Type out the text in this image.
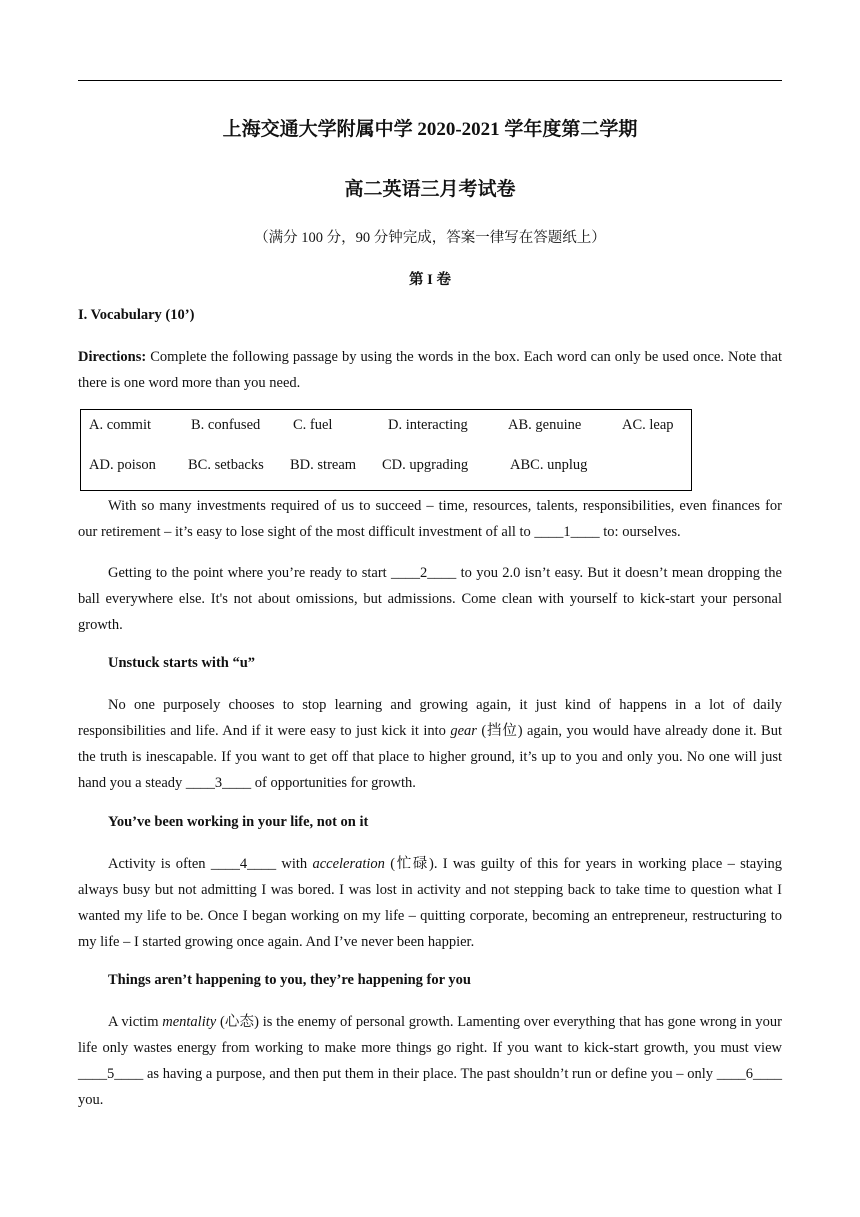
上海交通大学附属中学 2020-2021 学年度第二学期
高二英语三月考试卷
（满分 100 分，90 分钟完成，答案一律写在答题纸上）
第 I 卷
I. Vocabulary (10’)

Directions: Complete the following passage by using the words in the box. Each word can only be used once. Note that there is one word more than you need.

A. commit	B. confused C. fuel	D. interacting	AB. genuine	AC. leap
AD. poison BC. setbacks BD. stream CD. upgrading	ABC. unplug

With so many investments required of us to succeed – time, resources, talents, responsibilities, even finances for our retirement – it’s easy to lose sight of the most difficult investment of all to ____1____ to: ourselves.

Getting to the point where you’re ready to start ____2____ to you 2.0 isn’t easy. But it doesn’t mean dropping the ball everywhere else. It's not about omissions, but admissions. Come clean with yourself to kick-start your personal growth.

Unstuck starts with “u”

No one purposely chooses to stop learning and growing again, it just kind of happens in a lot of daily responsibilities and life. And if it were easy to just kick it into gear (挡位) again, you would have already done it. But the truth is inescapable. If you want to get off that place to higher ground, it’s up to you and only you. No one will just hand you a steady ____3____ of opportunities for growth.

You’ve been working in your life, not on it

Activity is often ____4____ with acceleration (忙碌). I was guilty of this for years in working place – staying always busy but not admitting I was bored. I was lost in activity and not stepping back to take time to question what I wanted my life to be. Once I began working on my life – quitting corporate, becoming an entrepreneur, restructuring to my life – I started growing once again. And I’ve never been happier.

Things aren’t happening to you, they’re happening for you

A victim mentality (心态) is the enemy of personal growth. Lamenting over everything that has gone wrong in your life only wastes energy from working to make more things go right. If you want to kick-start growth, you must view ____5____ as having a purpose, and then put them in their place. The past shouldn’t run or define you – only ____6____ you.
